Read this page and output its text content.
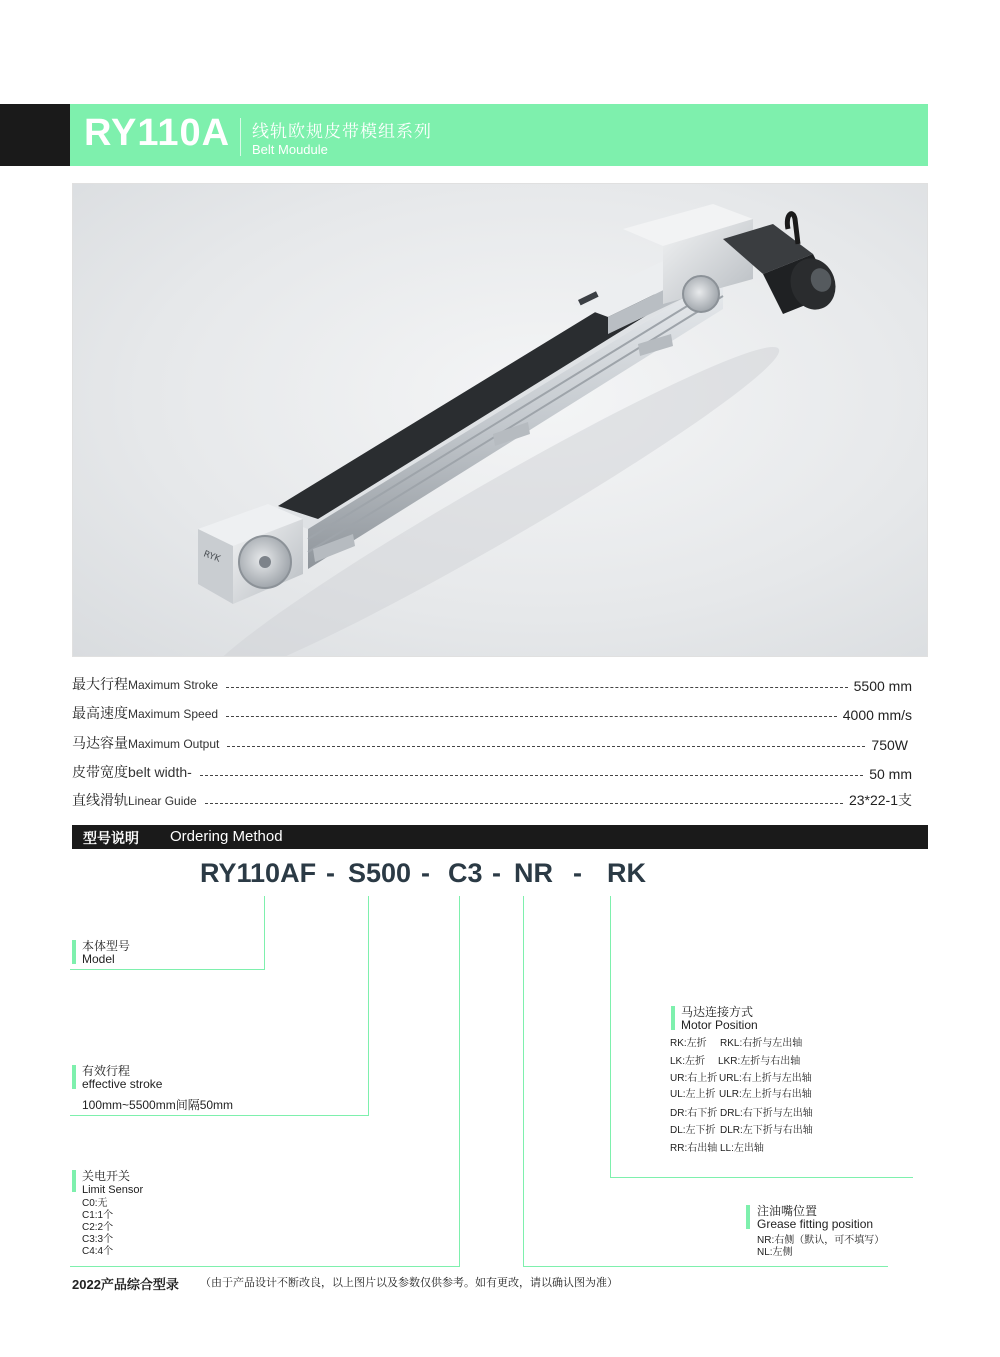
RY110A 线轨欧规皮带模组系列
Belt Moudule
RYK
最大行程Maximum Stroke	5500 mm
最高速度Maximum Speed	4000 mm/s
马达容量Maximum Output	750W
皮带宽度belt width-	50 mm
直线滑轨Linear Guide	23*22-1支
型号说明 Ordering Method
RY110AF - S500 - C3 - NR - RK
本体型号
Model
有效行程
effective stroke
100mm~5500mm间隔50mm
关电开关
Limit Sensor
C0:无
C1:1个
C2:2个
C3:3个
C4:4个
马达连接方式
Motor Position
RK:左折 RKL:右折与左出轴
LK:左折 LKR:左折与右出轴
UR:右上折 URL:右上折与左出轴
UL:左上折 ULR:左上折与右出轴
DR:右下折 DRL:右下折与左出轴
DL:左下折 DLR:左下折与右出轴
RR:右出轴 LL:左出轴
注油嘴位置
Grease fitting position
NR:右侧（默认，可不填写）
NL:左侧
2022产品综合型录 （由于产品设计不断改良，以上图片以及参数仅供参考。如有更改，请以确认图为准）
